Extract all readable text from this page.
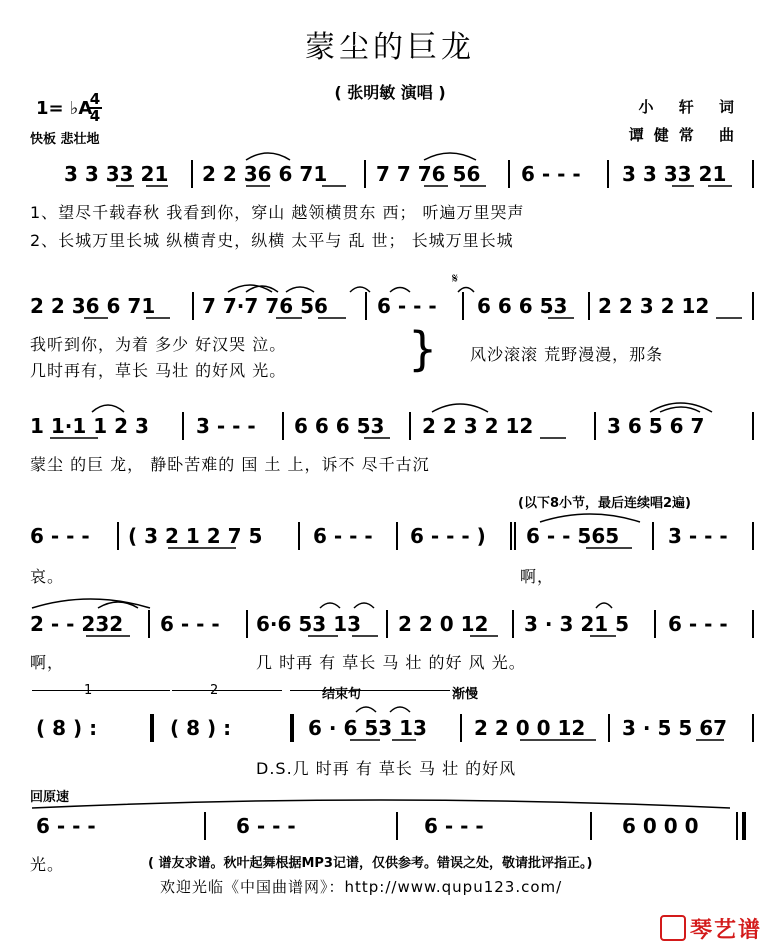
蒙尘的巨龙
( 张明敏 演唱 )
1= ♭A
4
4
快板 悲壮地
小 轩 词
谭健常 曲
3 3 33 21 2 2 36 6 71 7 7 76 56 6 - - - 3 3 33 21
1、望尽千载春秋 我看到你，穿山 越领横贯东 西； 听遍万里哭声
2、长城万里长城 纵横青史，纵横 太平与 乱 世； 长城万里长城
𝄋
2 2 36 6 71 7 7·7 76 56 6 - - - 6 6 6 53 2 2 3 2 12
我听到你，为着 多少 好汉哭 泣。
几时再有，草长 马壮 的好风 光。	} 风沙滚滚 荒野漫漫，那条
1 1·1 1 2 3 3 - - - 6 6 6 53 2 2 3 2 12	3 6 5 6 7
蒙尘 的巨 龙， 静卧苦难的 国 土 上，诉不 尽千古沉
(以下8小节，最后连续唱2遍)
6 - - - ( 3 2 1 2 7 5	6 - - - 6 - - - ) 6 - - 565 3 - - -
哀。	啊，
2 - - 232 6 - - - 6·6 53 13 2 2 0 12 3 · 3 21 5 6 - - -
啊，	几 时再 有 草长 马 壮 的好 风 光。
1	2	结束句	渐慢
( 8 ) :	( 8 ) :	6 · 6 53 13 2 2 0 0 12 3 · 5 5 67
D.S.几 时再 有 草长 马 壮 的好风
回原速
6 - - -	6 - - -	6 - - -	6 0 0 0
光。	( 谱友求谱。秋叶起舞根据MP3记谱，仅供参考。错误之处，敬请批评指正。)
欢迎光临《中国曲谱网》：http://www.qupu123.com/
琴艺谱
